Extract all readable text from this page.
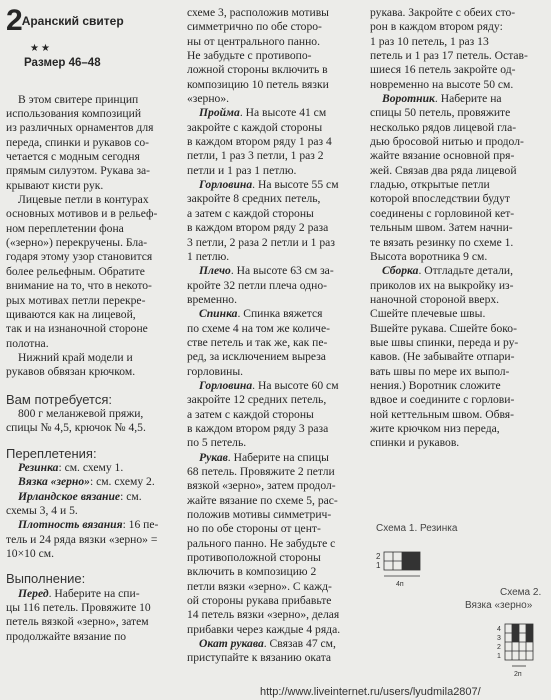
2Аранский свитер
★★
Размер 46–48
В этом свитере принцип
использования композиций
из различных орнаментов для
переда, спинки и рукавов со-
четается с модным сегодня
прямым силуэтом. Рукава за-
крывают кисти рук.
Лицевые петли в контурах
основных мотивов и в рельеф-
ном переплетении фона
(«зерно») перекручены. Бла-
годаря этому узор становится
более рельефным. Обратите
внимание на то, что в некото-
рых мотивах петли перекре-
щиваются как на лицевой,
так и на изнаночной стороне
полотна.
Нижний край модели и
рукавов обвязан крючком.
Вам потребуется:
800 г меланжевой пряжи,
спицы № 4,5, крючок № 4,5.
Переплетения:
Резинка: см. схему 1.
Вязка «зерно»: см. схему 2.
Ирландское вязание: см.
схемы 3, 4 и 5.
Плотность вязания: 16 пе-
тель и 24 ряда вязки «зерно» =
10×10 см.
Выполнение:
Перед. Наберите на спи-
цы 116 петель. Провяжите 10
петель вязкой «зерно», затем
продолжайте вязание по
схеме 3, расположив мотивы
симметрично по обе сторо-
ны от центрального панно.
Не забудьте с противопо-
ложной стороны включить в
композицию 10 петель вязки
«зерно».
Пройма. На высоте 41 см
закройте с каждой стороны
в каждом втором ряду 1 раз 4
петли, 1 раз 3 петли, 1 раз 2
петли и 1 раз 1 петлю.
Горловина. На высоте 55 см
закройте 8 средних петель,
а затем с каждой стороны
в каждом втором ряду 2 раза
3 петли, 2 раза 2 петли и 1 раз
1 петлю.
Плечо. На высоте 63 см за-
кройте 32 петли плеча одно-
временно.
Спинка. Спинка вяжется
по схеме 4 на том же количе-
стве петель и так же, как пе-
ред, за исключением выреза
горловины.
Горловина. На высоте 60 см
закройте 12 средних петель,
а затем с каждой стороны
в каждом втором ряду 3 раза
по 5 петель.
Рукав. Наберите на спицы
68 петель. Провяжите 2 петли
вязкой «зерно», затем продол-
жайте вязание по схеме 5, рас-
положив мотивы симметрич-
но по обе стороны от цент-
рального панно. Не забудьте с
противоположной стороны
включить в композицию 2
петли вязки «зерно». С кажд-
ой стороны рукава прибавьте
14 петель вязки «зерно», делая
прибавки через каждые 4 ряда.
Окат рукава. Связав 47 см,
приступайте к вязанию оката
рукава. Закройте с обеих сто-
рон в каждом втором ряду:
1 раз 10 петель, 1 раз 13
петель и 1 раз 17 петель. Остав-
шиеся 16 петель закройте од-
новременно на высоте 50 см.
Воротник. Наберите на
спицы 50 петель, провяжите
несколько рядов лицевой гла-
дью бросовой нитью и продол-
жайте вязание основной пря-
жей. Связав два ряда лицевой
гладью, открытые петли
которой впоследствии будут
соединены с горловиной кет-
тельным швом. Затем начни-
те вязать резинку по схеме 1.
Высота воротника 9 см.
Сборка. Отгладьте детали,
приколов их на выкройку из-
наночной стороной вверх.
Сшейте плечевые швы.
Вшейте рукава. Сшейте боко-
вые швы спинки, переда и ру-
кавов. (Не забывайте отпари-
вать швы по мере их выпол-
нения.) Воротник сложите
вдвое и соедините с горлови-
ной кеттельным швом. Обвя-
жите крючком низ переда,
спинки и рукавов.
Схема 1. Резинка
2
1
4п
Схема 2.
Вязка «зерно»
4
3
2
1
2п
http://www.liveinternet.ru/users/lyudmila2807/
